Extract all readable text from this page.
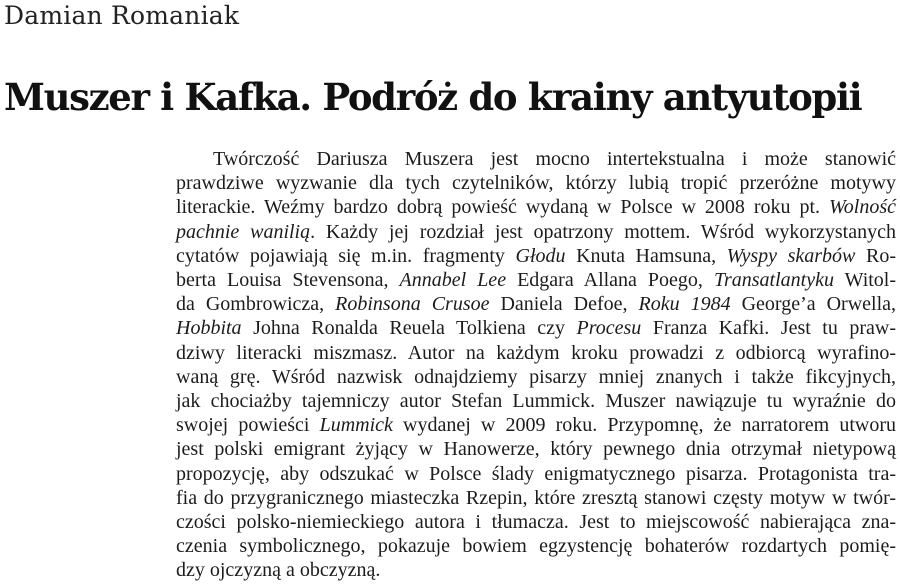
Damian Romaniak
Muszer i Kafka. Podróż do krainy antyutopii
Twórczość Dariusza Muszera jest mocno intertekstualna i może stanowić
prawdziwe wyzwanie dla tych czytelników, którzy lubią tropić przeróżne motywy
literackie. Weźmy bardzo dobrą powieść wydaną w Polsce w 2008 roku pt. Wolność
pachnie wanilią. Każdy jej rozdział jest opatrzony mottem. Wśród wykorzystanych
cytatów pojawiają się m.in. fragmenty Głodu Knuta Hamsuna, Wyspy skarbów Ro-
berta Louisa Stevensona, Annabel Lee Edgara Allana Poego, Transatlantyku Witol-
da Gombrowicza, Robinsona Crusoe Daniela Defoe, Roku 1984 George’a Orwella,
Hobbita Johna Ronalda Reuela Tolkiena czy Procesu Franza Kafki. Jest tu praw-
dziwy literacki miszmasz. Autor na każdym kroku prowadzi z odbiorcą wyrafino-
waną grę. Wśród nazwisk odnajdziemy pisarzy mniej znanych i także fikcyjnych,
jak chociażby tajemniczy autor Stefan Lummick. Muszer nawiązuje tu wyraźnie do
swojej powieści Lummick wydanej w 2009 roku. Przypomnę, że narratorem utworu
jest polski emigrant żyjący w Hanowerze, który pewnego dnia otrzymał nietypową
propozycję, aby odszukać w Polsce ślady enigmatycznego pisarza. Protagonista tra-
fia do przygranicznego miasteczka Rzepin, które zresztą stanowi częsty motyw w twór-
czości polsko-niemieckiego autora i tłumacza. Jest to miejscowość nabierająca zna-
czenia symbolicznego, pokazuje bowiem egzystencję bohaterów rozdartych pomię-
dzy ojczyzną a obczyzną.
